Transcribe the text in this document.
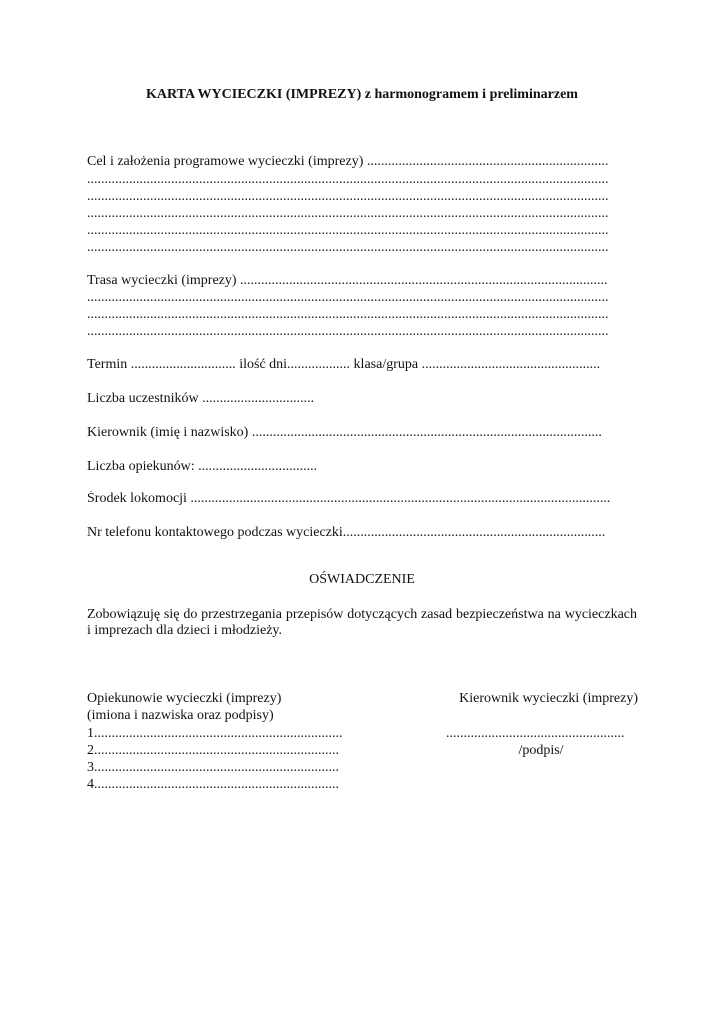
KARTA WYCIECZKI (IMPREZY) z harmonogramem i preliminarzem
Cel i założenia programowe wycieczki (imprezy) .....................................................................
.....................................................................................................................................................
.....................................................................................................................................................
.....................................................................................................................................................
.....................................................................................................................................................
.....................................................................................................................................................
Trasa wycieczki (imprezy) .........................................................................................................
.....................................................................................................................................................
.....................................................................................................................................................
.....................................................................................................................................................
Termin .............................. ilość dni.................. klasa/grupa ...................................................
Liczba uczestników ................................
Kierownik (imię i nazwisko) ....................................................................................................
Liczba opiekunów: ..................................
Środek lokomocji ........................................................................................................................
Nr telefonu kontaktowego podczas wycieczki...........................................................................
OŚWIADCZENIE
Zobowiązuję się do przestrzegania przepisów dotyczących zasad bezpieczeństwa na wycieczkach i imprezach dla dzieci i młodzieży.
Opiekunowie wycieczki (imprezy)
(imiona i nazwiska oraz podpisy)
1.......................................................................
2......................................................................
3......................................................................
4......................................................................
Kierownik wycieczki (imprezy)
...................................................
/podpis/
